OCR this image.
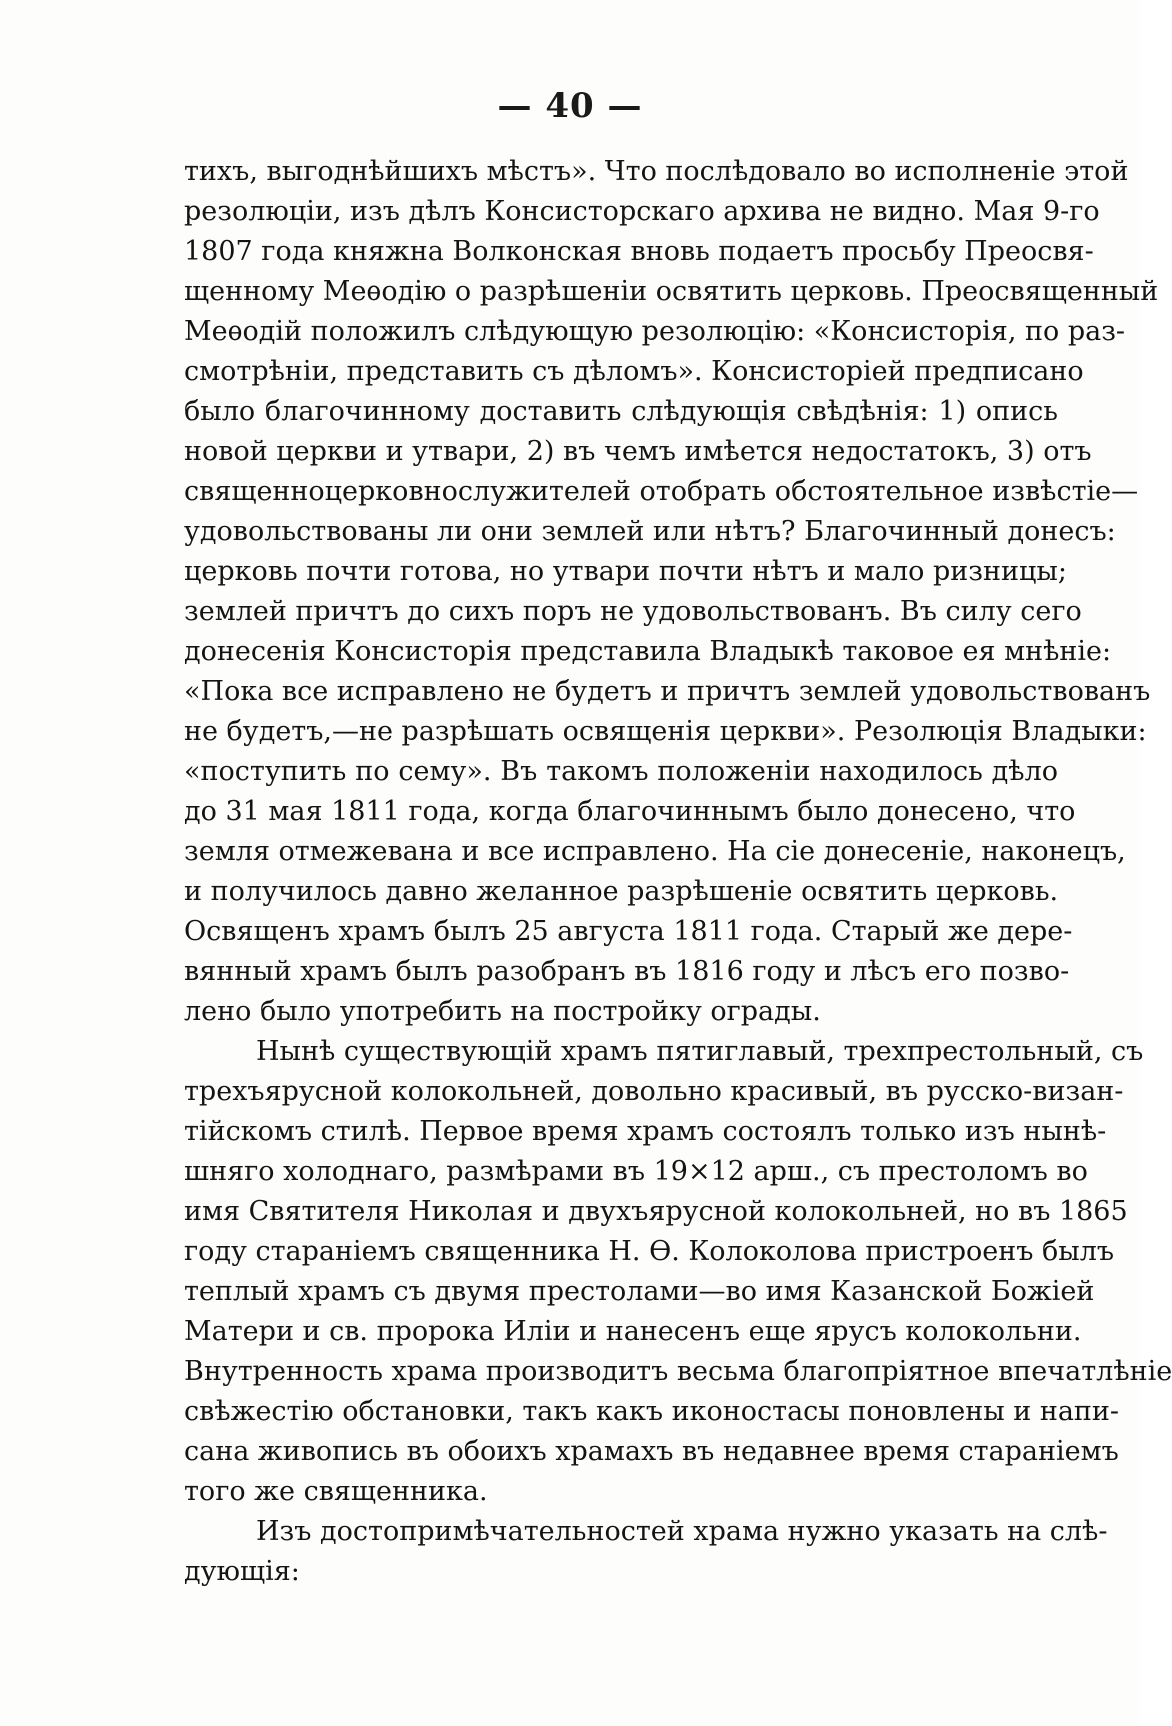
— 40 —
тихъ, выгоднѣйшихъ мѣстъ». Что послѣдовало во исполненіе этой
резолюціи, изъ дѣлъ Консисторскаго архива не видно. Мая 9-го
1807 года княжна Волконская вновь подаетъ просьбу Преосвя-
щенному Меѳодію о разрѣшеніи освятить церковь. Преосвященный
Меѳодій положилъ слѣдующую резолюцію: «Консисторія, по раз-
смотрѣніи, представить съ дѣломъ». Консисторіей предписано
было благочинному доставить слѣдующія свѣдѣнія: 1) опись
новой церкви и утвари, 2) въ чемъ имѣется недостатокъ, 3) отъ
священноцерковнослужителей отобрать обстоятельное извѣстіе—
удовольствованы ли они землей или нѣтъ? Благочинный донесъ:
церковь почти готова, но утвари почти нѣтъ и мало ризницы;
землей причтъ до сихъ поръ не удовольствованъ. Въ силу сего
донесенія Консисторія представила Владыкѣ таковое ея мнѣніе:
«Пока все исправлено не будетъ и причтъ землей удовольствованъ
не будетъ,—не разрѣшать освященія церкви». Резолюція Владыки:
«поступить по сему». Въ такомъ положеніи находилось дѣло
до 31 мая 1811 года, когда благочиннымъ было донесено, что
земля отмежевана и все исправлено. На сіе донесеніе, наконецъ,
и получилось давно желанное разрѣшеніе освятить церковь.
Освященъ храмъ былъ 25 августа 1811 года. Старый же дере-
вянный храмъ былъ разобранъ въ 1816 году и лѣсъ его позво-
лено было употребить на постройку ограды.
Нынѣ существующій храмъ пятиглавый, трехпрестольный, съ
трехъярусной колокольней, довольно красивый, въ русско-визан-
тійскомъ стилѣ. Первое время храмъ состоялъ только изъ нынѣ-
шняго холоднаго, размѣрами въ 19×12 арш., съ престоломъ во
имя Святителя Николая и двухъярусной колокольней, но въ 1865
году стараніемъ священника Н. Ѳ. Колоколова пристроенъ былъ
теплый храмъ съ двумя престолами—во имя Казанской Божіей
Матери и св. пророка Иліи и нанесенъ еще ярусъ колокольни.
Внутренность храма производитъ весьма благопріятное впечатлѣніе
свѣжестію обстановки, такъ какъ иконостасы поновлены и напи-
сана живопись въ обоихъ храмахъ въ недавнее время стараніемъ
того же священника.
Изъ достопримѣчательностей храма нужно указать на слѣ-
дующія:
